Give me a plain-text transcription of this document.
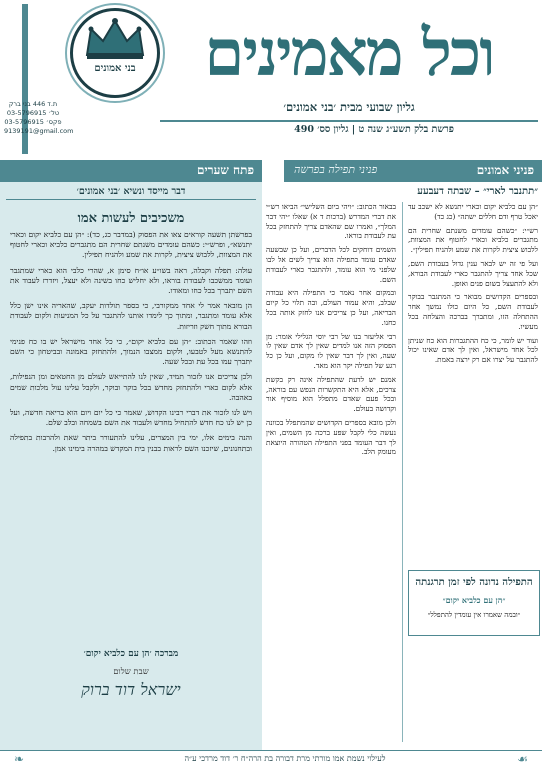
ת.ד 446 בני ברק
טל׳ 03-5796915
פקס׳ 03-5796915
9139191@gmail.com
בני אמונים	וכל מאמינים
גליון שבועי מבית ׳בני אמונים׳
פרשת בלק תשע״ג שנה ט | גליון סס׳ 490
פניני אמונים
פניני תפילה בפרשה
פתח שערים
דבר מייסד ונשיא ׳בני אמונים׳
משכיבים לעשות אמו

בפרשתן תשעה קוראים צאו את הפסוק (במדבר כג, כד): ״הן עם כלביא יקום וכארי יתנשא״, ופרש״י: כשהם עומדים משנתם שחרית הם מתגברים כלביא וכארי לחטוף את המצוות, ללבוש ציצית, לקרות את שמע ולהניח תפילין.

עולה: תפלה וקבלה, ראה בשו״ע או״ח סימן א, שהרי כלבי הוא כארי שמתגבר ועומד ממשכבו לעבודת בוראו, ולא יחליש כחו בשינה ולא יעצל, ויזדרז לעבוד את השם יתברך בכל כחו ומאודו.

הן מובאר אמר לי אחד ממקורבי, כי בספר תולדות יעקב, שהאריה אינו ישן כלל אלא עומד ומתגבר, ומתוך כך לימדו אותנו להתגבר על כל המניעות ולקום לעבודת הבורא מתוך חשק וזריזות.

וזהו שאמר הכתוב: ״הן עם כלביא יקום״, כי כל אחד מישראל יש בו כח פנימי להתנשא מעל לטבעו, ולקום ממצבו הנמוך, ולהתחזק באמונה ובביטחון כי השם יתברך עמו בכל עת ובכל שעה.

ולכן צריכים אנו לזכור תמיד, שאין לנו להתייאש לעולם מן החטאים ומן הנפילות, אלא לקום כארי ולהתחזק מחדש בכל בוקר ובוקר, ולקבל עלינו עול מלכות שמים באהבה.

ויש לנו לזכור את דברי רבינו הקדוש, שאמר כי כל יום ויום הוא בריאה חדשה, ועל כן יש לנו כח חדש להתחיל מחדש ולעבוד את השם בשמחה ובלב שלם.

והנה בימים אלו, ימי בין המצרים, עלינו להתעורר ביתר שאת ולהרבות בתפילה ובתחנונים, שיזכנו השם לראות בבנין בית המקדש במהרה בימינו אמן.

מברכה ׳הן עם כלביא יקום׳
שבת שלום
ישראל דוד ברוק
״תתנבר לארי״ – שבתה דעבעע

״הן עם כלביא יקום וכארי יתנשא לא ישכב עד יאכל טרף ודם חללים ישתה״ (כג כד)

רש״י: ״כשהם עומדים משנתם שחרית הם מתגברים כלביא וכארי לחטוף את המצוות, ללבוש ציצית לקרות את שמע ולהניח תפילין״.

ועל פי זה יש לבאר ענין גדול בעבודת השם, שכל אחד צריך להתגבר כארי לעבודת הבורא, ולא להתעצל בשום פנים ואופן.

ובספרים הקדושים מבואר כי המתגבר בבוקר לעבודת השם, כל היום כולו נמשך אחר ההתחלה הזו, ומתברך בברכה והצלחה בכל מעשיו.

ועוד יש לומר, כי כח ההתגברות הוא כח שניתן לכל אחד מישראל, ואין לך אדם שאינו יכול להתגבר על יצרו אם רק ירצה באמת.

בבאור הכתוב: ״ויהי ביום השלישי״ הביאו רש״י את דברי המדרש (ברכות ד א) שאלו ״יהי דבר המלך״, ואמרו שם שהאדם צריך להתחזק בכל עת לעבודת בוראו.

השמים דוחקים לכל הדברים, ועל כן שבשעה שאדם עומד בתפילה הוא צריך לשים אל לבו שלפני מי הוא עומד, ולהתגבר כארי לעבודת השם.

ובמקום אחר נאמר כי התפילה היא עבודה שבלב, והיא עמוד העולם, ובה תלוי כל קיום הבריאה, ועל כן צריכים אנו לחזק אותה בכל כחנו.

רבי אליעזר בנו של רבי יוסי הגלילי אומר: מן הפסוק הזה אנו למדים שאין לך אדם שאין לו שעה, ואין לך דבר שאין לו מקום, ועל כן כל רגע של תפילה יקר הוא מאד.

אמנם יש לדעת שהתפילה אינה רק בקשת צרכים, אלא היא התקשרות הנפש עם בוראה, ובכל פעם שאדם מתפלל הוא מוסיף אור וקדושה בעולם.

ולכן מובא בספרים הקדושים שהמתפלל בכוונה נעשה כלי לקבל שפע ברכה מן השמים, ואין לך דבר העומד בפני התפילה הטהורה היוצאת מעומק הלב.

התפילה נדונה לפי זמן תרגנתה
״הן עם כלביא יקום״
״ובמה שאמרו אין עומדין להתפלל״
❧	לעילוי נשמת אמו מורתי מרת דבורה בת הרה״ח ר׳ דוד מרדכי ע״ה	☙
